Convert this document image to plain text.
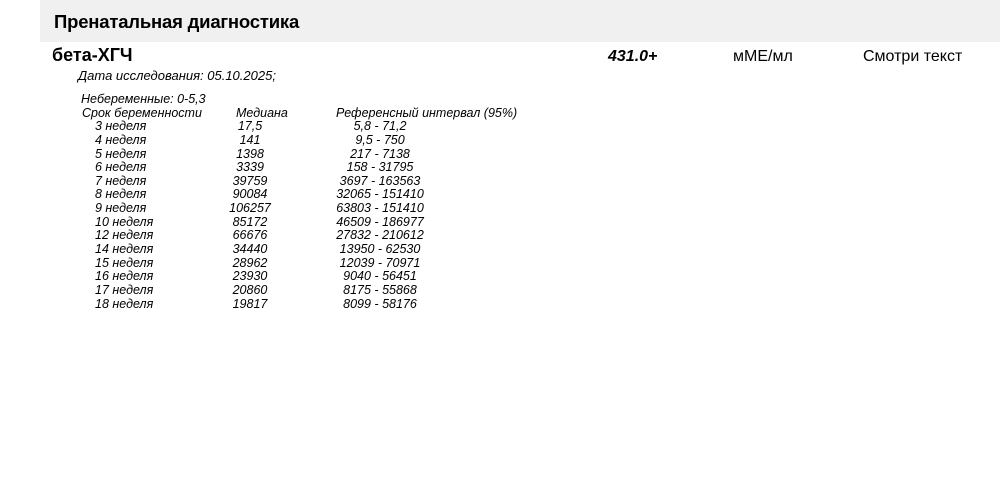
Пренатальная диагностика
бета-ХГЧ	431.0+	мМЕ/мл	Смотри текст
Дата исследования: 05.10.2025;
Небеременные: 0-5,3
Срок беременности	Медиана	Референсный интервал (95%)
3 неделя	17,5	5,8 - 71,2
4 неделя	141	9,5 - 750
5 неделя	1398	217 - 7138
6 неделя	3339	158 - 31795
7 неделя	39759	3697 - 163563
8 неделя	90084	32065 - 151410
9 неделя	106257	63803 - 151410
10 неделя	85172	46509 - 186977
12 неделя	66676	27832 - 210612
14 неделя	34440	13950 - 62530
15 неделя	28962	12039 - 70971
16 неделя	23930	9040 - 56451
17 неделя	20860	8175 - 55868
18 неделя	19817	8099 - 58176
